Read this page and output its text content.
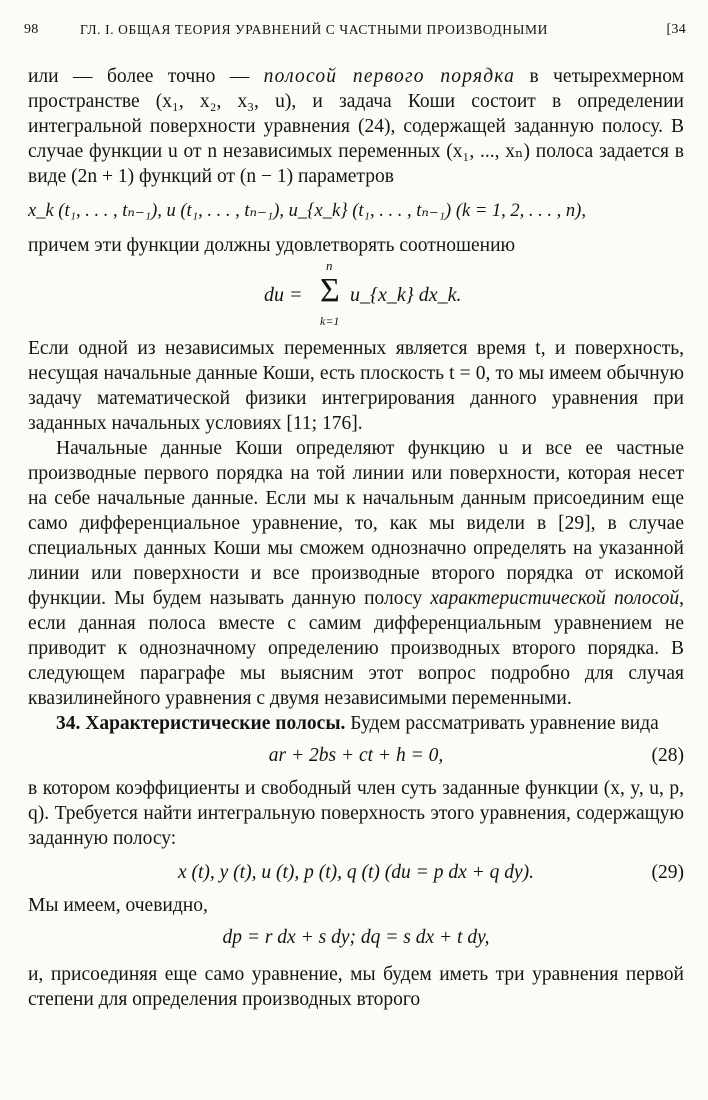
98	ГЛ. I. ОБЩАЯ ТЕОРИЯ УРАВНЕНИЙ С ЧАСТНЫМИ ПРОИЗВОДНЫМИ	[34

или — более точно — полосой первого порядка в четырехмерном пространстве (x₁, x₂, x₃, u), и задача Коши состоит в определении интегральной поверхности уравнения (24), содержащей заданную полосу. В случае функции u от n независимых переменных (x₁, ..., xₙ) полоса задается в виде (2n + 1) функций от (n − 1) параметров

x_k (t₁, . . . , tₙ₋₁), u (t₁, . . . , tₙ₋₁), u_{x_k} (t₁, . . . , tₙ₋₁) (k = 1, 2, . . . , n),

причем эти функции должны удовлетворять соотношению

du =
n
Σ
k=1
u_{x_k} dx_k.

Если одной из независимых переменных является время t, и поверхность, несущая начальные данные Коши, есть плоскость t = 0, то мы имеем обычную задачу математической физики интегрирования данного уравнения при заданных начальных условиях [11; 176].

Начальные данные Коши определяют функцию u и все ее частные производные первого порядка на той линии или поверхности, которая несет на себе начальные данные. Если мы к начальным данным присоединим еще само дифференциальное уравнение, то, как мы видели в [29], в случае специальных данных Коши мы сможем однозначно определять на указанной линии или поверхности и все производные второго порядка от искомой функции. Мы будем называть данную полосу характеристической полосой, если данная полоса вместе с самим дифференциальным уравнением не приводит к однозначному определению производных второго порядка. В следующем параграфе мы выясним этот вопрос подробно для случая квазилинейного уравнения с двумя независимыми переменными.

34. Характеристические полосы. Будем рассматривать уравнение вида

ar + 2bs + ct + h = 0,	(28)

в котором коэффициенты и свободный член суть заданные функции (x, y, u, p, q). Требуется найти интегральную поверхность этого уравнения, содержащую заданную полосу:

x (t), y (t), u (t), p (t), q (t) (du = p dx + q dy).	(29)

Мы имеем, очевидно,

dp = r dx + s dy; dq = s dx + t dy,

и, присоединяя еще само уравнение, мы будем иметь три уравнения первой степени для определения производных второго
